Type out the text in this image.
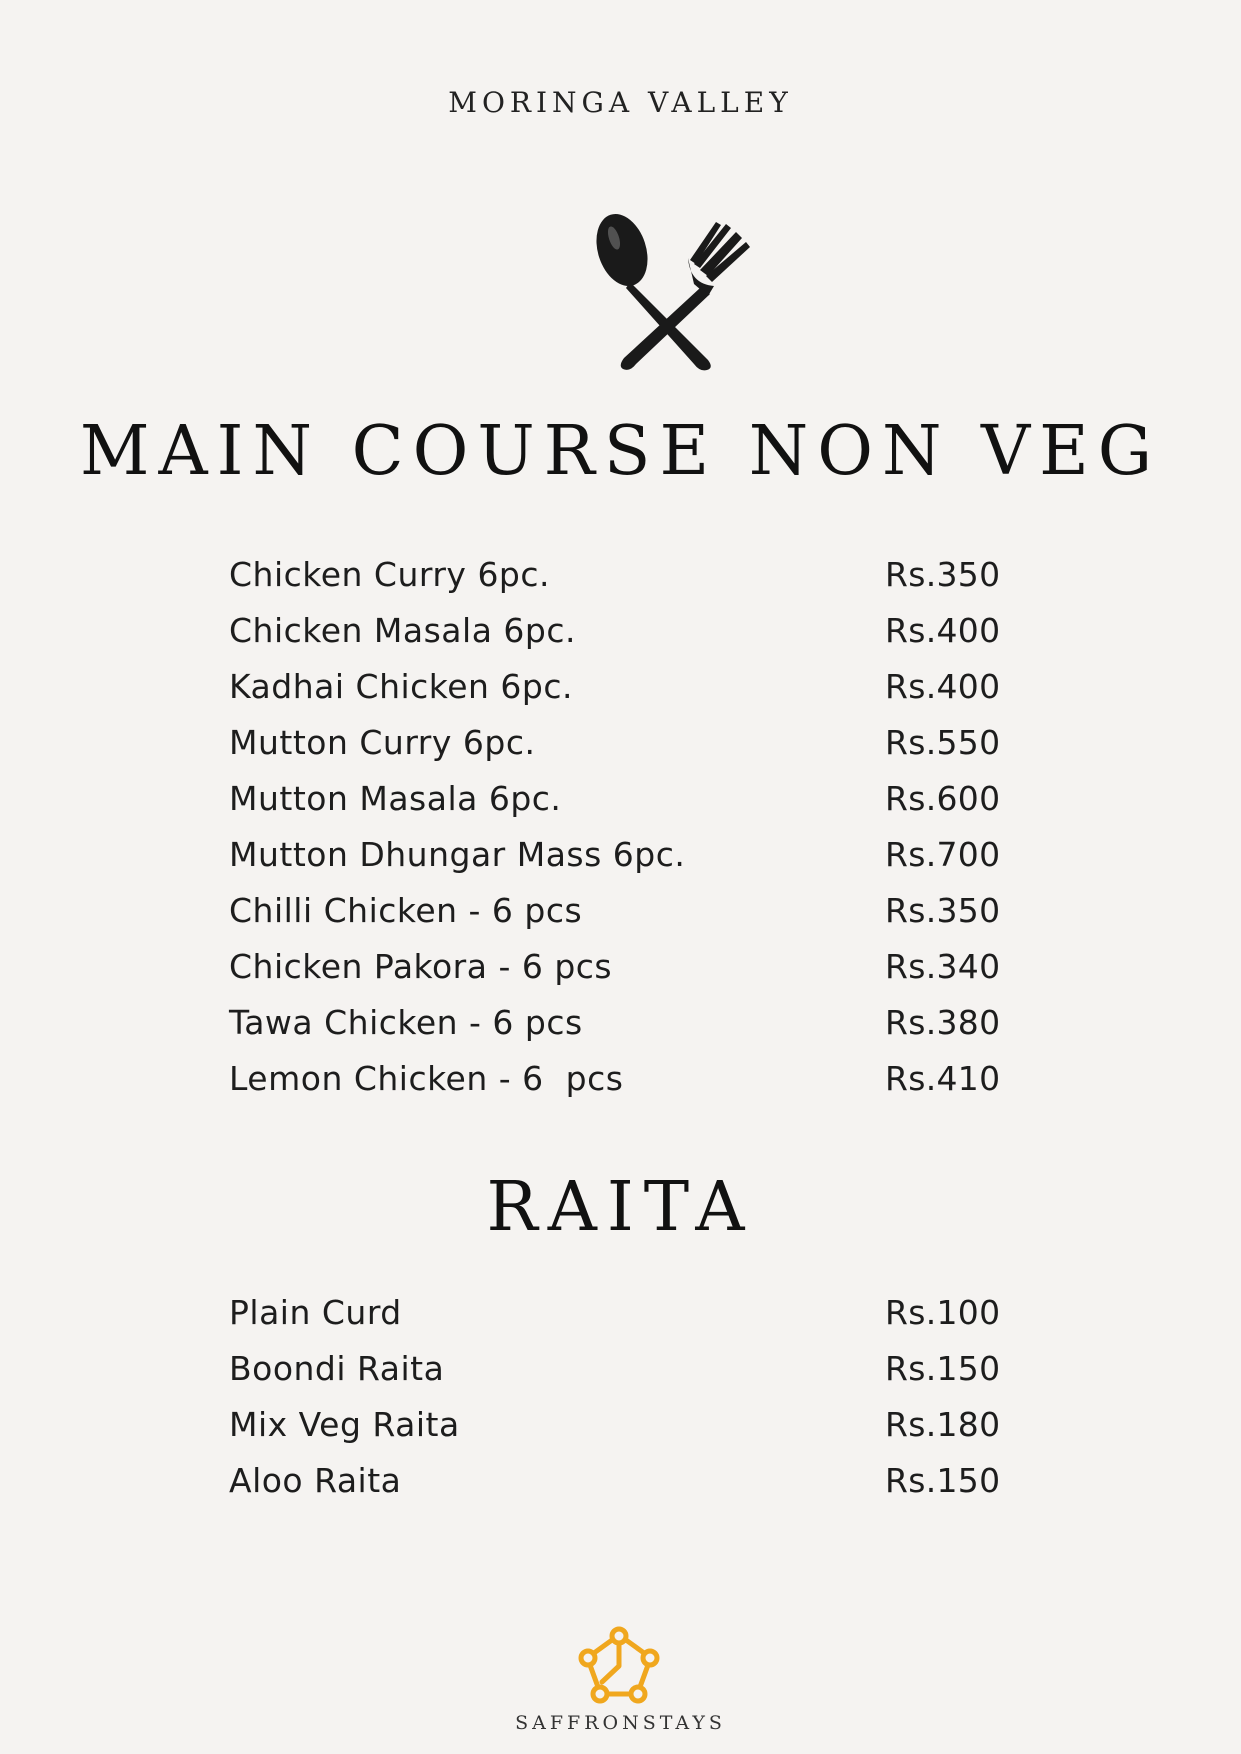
MORINGA VALLEY
MAIN COURSE NON VEG
Chicken Curry 6pc.	Rs.350
Chicken Masala 6pc.	Rs.400
Kadhai Chicken 6pc.	Rs.400
Mutton Curry 6pc.	Rs.550
Mutton Masala 6pc.	Rs.600
Mutton Dhungar Mass 6pc.	Rs.700
Chilli Chicken - 6 pcs	Rs.350
Chicken Pakora - 6 pcs	Rs.340
Tawa Chicken - 6 pcs	Rs.380
Lemon Chicken - 6  pcs	Rs.410
RAITA
Plain Curd	Rs.100
Boondi Raita	Rs.150
Mix Veg Raita	Rs.180
Aloo Raita	Rs.150
SAFFRONSTAYS
